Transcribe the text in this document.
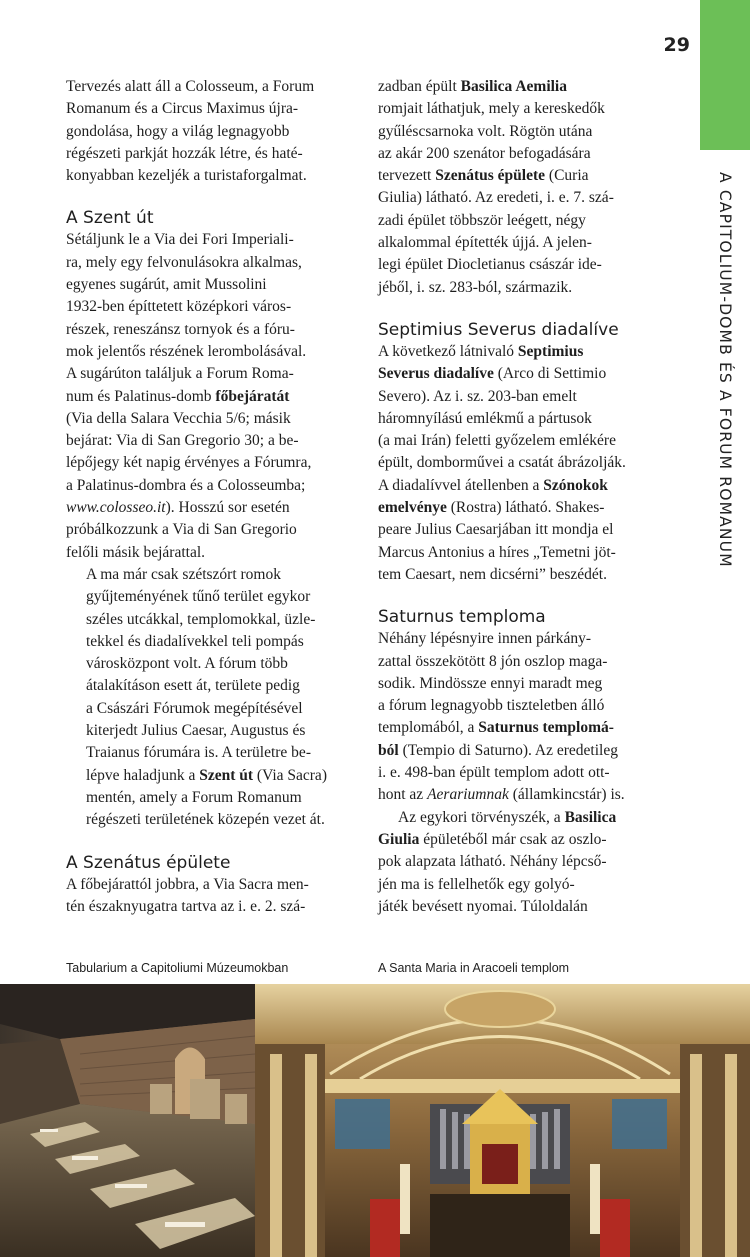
29
A CAPITOLIUM-DOMB ÉS A FORUM ROMANUM

Tervezés alatt áll a Colosseum, a Forum
Romanum és a Circus Maximus újra-
gondolása, hogy a világ legnagyobb
régészeti parkját hozzák létre, és haté-
konyabban kezeljék a turistaforgalmat.

A Szent út

Sétáljunk le a Via dei Fori Imperiali-
ra, mely egy felvonulásokra alkalmas,
egyenes sugárút, amit Mussolini
1932-ben építtetett középkori város-
részek, reneszánsz tornyok és a fóru-
mok jelentős részének lerombolásával.
A sugárúton találjuk a Forum Roma-
num és Palatinus-domb főbejáratát
(Via della Salara Vecchia 5/6; másik
bejárat: Via di San Gregorio 30; a be-
lépőjegy két napig érvényes a Fórumra,
a Palatinus-dombra és a Colosseumba;
www.colosseo.it). Hosszú sor esetén
próbálkozzunk a Via di San Gregorio
felőli másik bejárattal.

A ma már csak szétszórt romok
gyűjteményének tűnő terület egykor
széles utcákkal, templomokkal, üzle-
tekkel és diadalívekkel teli pompás
városközpont volt. A fórum több
átalakításon esett át, területe pedig
a Császári Fórumok megépítésével
kiterjedt Julius Caesar, Augustus és
Traianus fórumára is. A területre be-
lépve haladjunk a Szent út (Via Sacra)
mentén, amely a Forum Romanum
régészeti területének közepén vezet át.

A Szenátus épülete

A főbejárattól jobbra, a Via Sacra men-
tén északnyugatra tartva az i. e. 2. szá-

zadban épült Basilica Aemilia
romjait láthatjuk, mely a kereskedők
gyűléscsarnoka volt. Rögtön utána
az akár 200 szenátor befogadására
tervezett Szenátus épülete (Curia
Giulia) látható. Az eredeti, i. e. 7. szá-
zadi épület többször leégett, négy
alkalommal építették újjá. A jelen-
legi épület Diocletianus császár ide-
jéből, i. sz. 283-ból, származik.

Septimius Severus diadalíve

A következő látnivaló Septimius
Severus diadalíve (Arco di Settimio
Severo). Az i. sz. 203-ban emelt
háromnyílású emlékmű a pártusok
(a mai Irán) feletti győzelem emlékére
épült, domborművei a csatát ábrázolják.
A diadalívvel átellenben a Szónokok
emelvénye (Rostra) látható. Shakes-
peare Julius Caesarjában itt mondja el
Marcus Antonius a híres „Temetni jöt-
tem Caesart, nem dicsérni” beszédét.

Saturnus temploma

Néhány lépésnyire innen párkány-
zattal összekötött 8 jón oszlop maga-
sodik. Mindössze ennyi maradt meg
a fórum legnagyobb tiszteletben álló
templomából, a Saturnus templomá-
ból (Tempio di Saturno). Az eredetileg
i. e. 498-ban épült templom adott ott-
hont az Aerariumnak (államkincstár) is.

Az egykori törvényszék, a Basilica
Giulia épületéből már csak az oszlo-
pok alapzata látható. Néhány lépcső-
jén ma is fellelhetők egy golyó-
játék bevésett nyomai. Túloldalán

Tabularium a Capitoliumi Múzeumokban	A Santa Maria in Aracoeli templom
